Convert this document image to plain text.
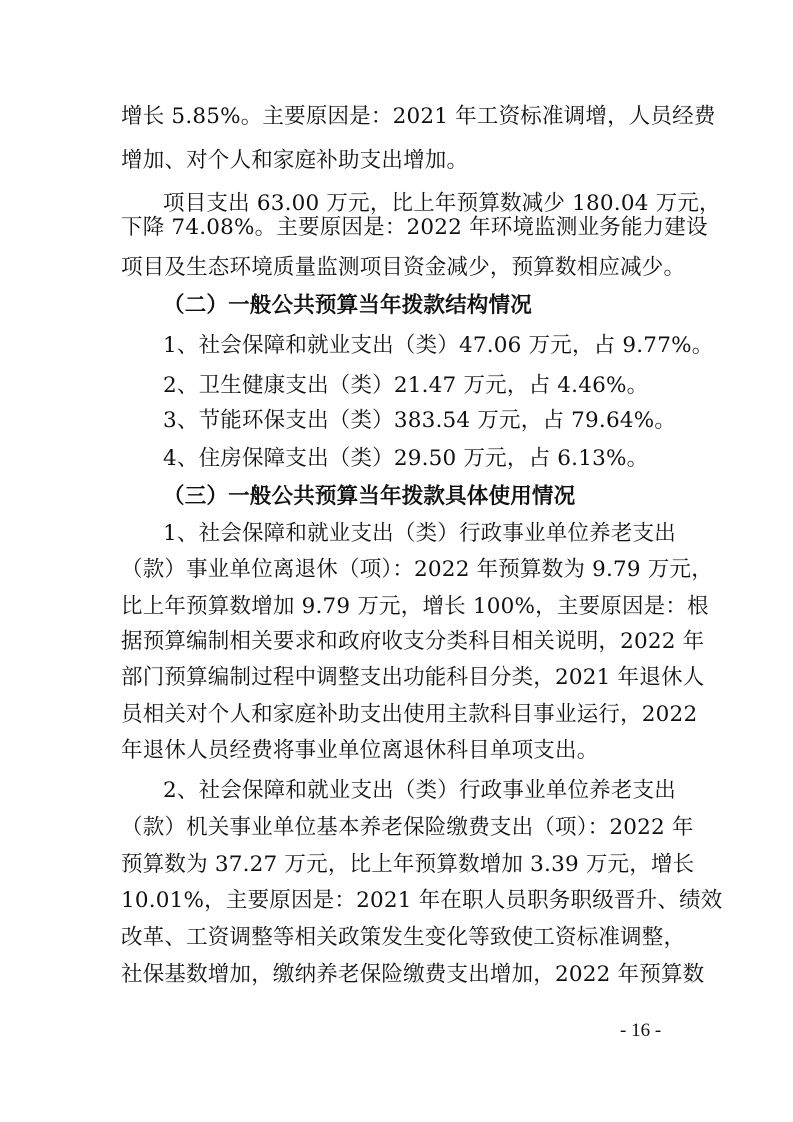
增长 5.85%。主要原因是：2021 年工资标准调增，人员经费

增加、对个人和家庭补助支出增加。

项目支出 63.00 万元，比上年预算数减少 180.04 万元，

下降 74.08%。主要原因是：2022 年环境监测业务能力建设

项目及生态环境质量监测项目资金减少，预算数相应减少。

（二）一般公共预算当年拨款结构情况

1、社会保障和就业支出（类）47.06 万元，占 9.77%。

2、卫生健康支出（类）21.47 万元，占 4.46%。

3、节能环保支出（类）383.54 万元，占 79.64%。

4、住房保障支出（类）29.50 万元，占 6.13%。

（三）一般公共预算当年拨款具体使用情况

1、社会保障和就业支出（类）行政事业单位养老支出

（款）事业单位离退休（项）：2022 年预算数为 9.79 万元，

比上年预算数增加 9.79 万元，增长 100%，主要原因是：根

据预算编制相关要求和政府收支分类科目相关说明，2022 年

部门预算编制过程中调整支出功能科目分类，2021 年退休人

员相关对个人和家庭补助支出使用主款科目事业运行，2022

年退休人员经费将事业单位离退休科目单项支出。

2、社会保障和就业支出（类）行政事业单位养老支出

（款）机关事业单位基本养老保险缴费支出（项）：2022 年

预算数为 37.27 万元，比上年预算数增加 3.39 万元，增长

10.01%，主要原因是：2021 年在职人员职务职级晋升、绩效

改革、工资调整等相关政策发生变化等致使工资标准调整，

社保基数增加，缴纳养老保险缴费支出增加，2022 年预算数

- 16 -
